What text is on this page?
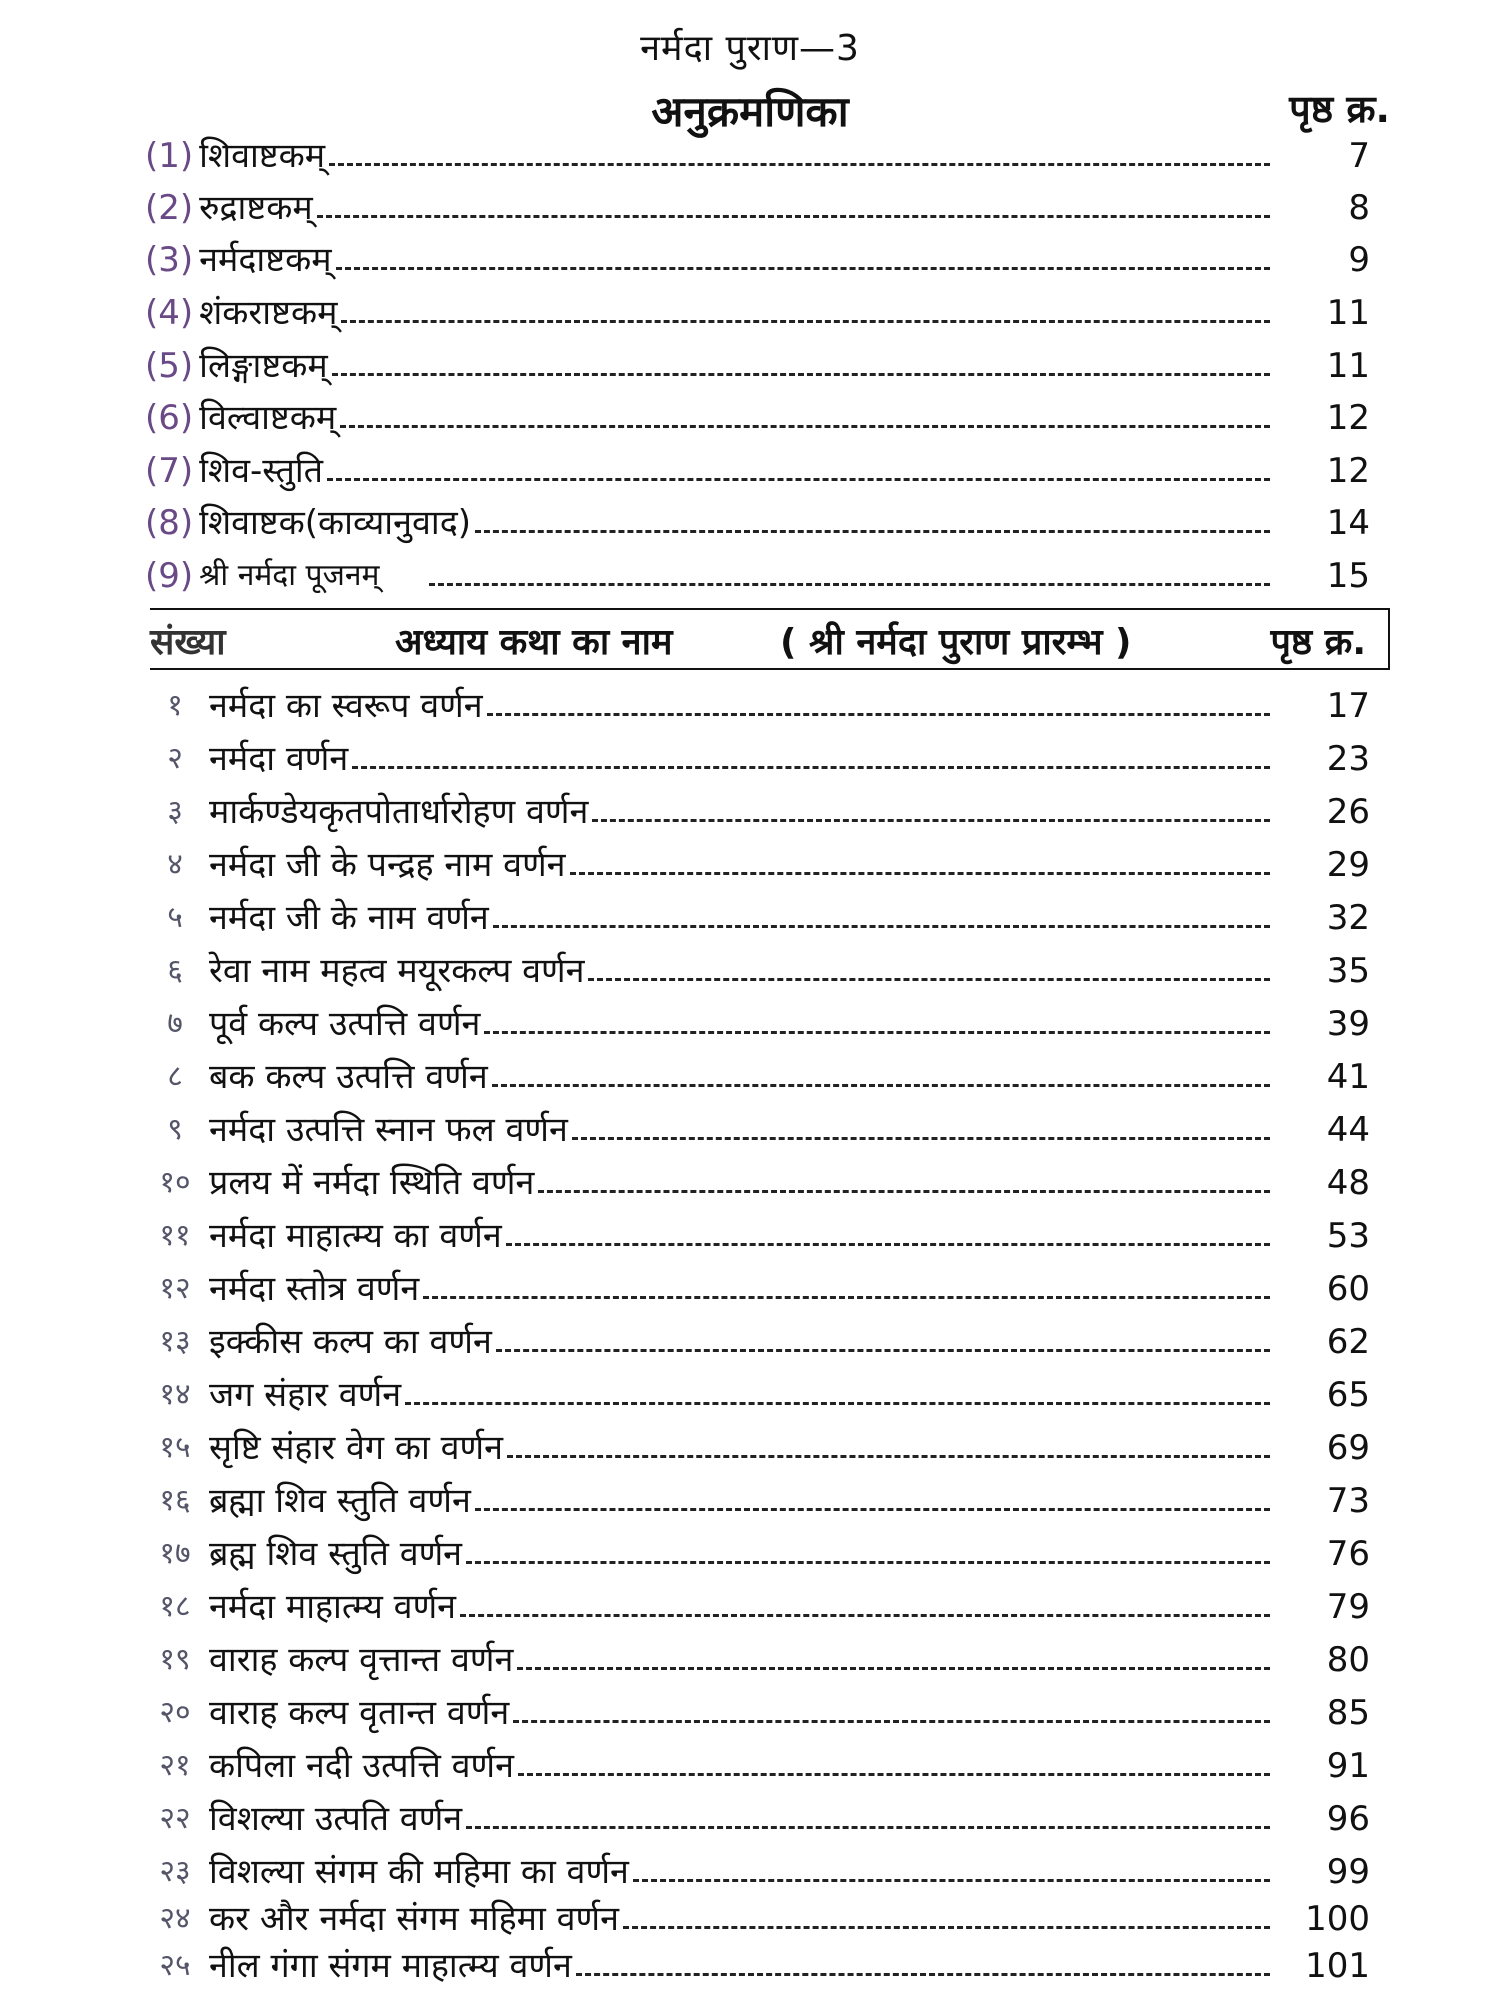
नर्मदा पुराण—3
अनुक्रमणिका	पृष्ठ क्र.
(1) शिवाष्टकम्	7
(2) रुद्राष्टकम्	8
(3) नर्मदाष्टकम्	9
(4) शंकराष्टकम्	11
(5) लिङ्गाष्टकम्	11
(6) विल्वाष्टकम्	12
(7) शिव-स्तुति	12
(8) शिवाष्टक (काव्यानुवाद)	14
(9) श्री नर्मदा पूजनम्	15
संख्या	अध्याय कथा का नाम	( श्री नर्मदा पुराण प्रारम्भ )	पृष्ठ क्र.
१ नर्मदा का स्वरूप वर्णन	17
२ नर्मदा वर्णन	23
३ मार्कण्डेयकृतपोतार्धारोहण वर्णन	26
४ नर्मदा जी के पन्द्रह नाम वर्णन	29
५ नर्मदा जी के नाम वर्णन	32
६ रेवा नाम महत्व मयूरकल्प वर्णन	35
७ पूर्व कल्प उत्पत्ति वर्णन	39
८ बक कल्प उत्पत्ति वर्णन	41
९ नर्मदा उत्पत्ति स्नान फल वर्णन	44
१० प्रलय में नर्मदा स्थिति वर्णन	48
११ नर्मदा माहात्म्य का वर्णन	53
१२ नर्मदा स्तोत्र वर्णन	60
१३ इक्कीस कल्प का वर्णन	62
१४ जग संहार वर्णन	65
१५ सृष्टि संहार वेग का वर्णन	69
१६ ब्रह्मा शिव स्तुति वर्णन	73
१७ ब्रह्म शिव स्तुति वर्णन	76
१८ नर्मदा माहात्म्य वर्णन	79
१९ वाराह कल्प वृत्तान्त वर्णन	80
२० वाराह कल्प वृतान्त वर्णन	85
२१ कपिला नदी उत्पत्ति वर्णन	91
२२ विशल्या उत्पति वर्णन	96
२३ विशल्या संगम की महिमा का वर्णन	99
२४ कर और नर्मदा संगम महिमा वर्णन	100
२५ नील गंगा संगम माहात्म्य वर्णन	101
